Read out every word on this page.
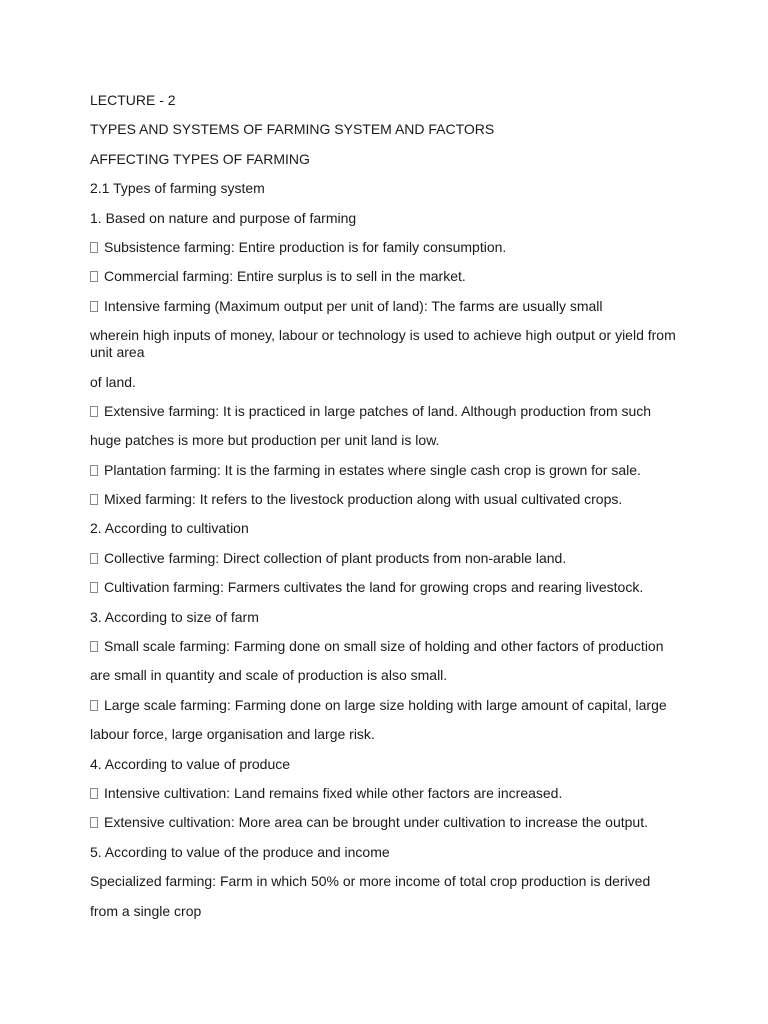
LECTURE - 2
TYPES AND SYSTEMS OF FARMING SYSTEM AND FACTORS
AFFECTING TYPES OF FARMING
2.1 Types of farming system
1. Based on nature and purpose of farming
Subsistence farming: Entire production is for family consumption.
Commercial farming: Entire surplus is to sell in the market.
Intensive farming (Maximum output per unit of land): The farms are usually small
wherein high inputs of money, labour or technology is used to achieve high output or yield from unit area
of land.
Extensive farming: It is practiced in large patches of land. Although production from such
huge patches is more but production per unit land is low.
Plantation farming: It is the farming in estates where single cash crop is grown for sale.
Mixed farming: It refers to the livestock production along with usual cultivated crops.
2. According to cultivation
Collective farming: Direct collection of plant products from non-arable land.
Cultivation farming: Farmers cultivates the land for growing crops and rearing livestock.
3. According to size of farm
Small scale farming: Farming done on small size of holding and other factors of production
are small in quantity and scale of production is also small.
Large scale farming: Farming done on large size holding with large amount of capital, large
labour force, large organisation and large risk.
4. According to value of produce
Intensive cultivation: Land remains fixed while other factors are increased.
Extensive cultivation: More area can be brought under cultivation to increase the output.
5. According to value of the produce and income
Specialized farming: Farm in which 50% or more income of total crop production is derived
from a single crop
